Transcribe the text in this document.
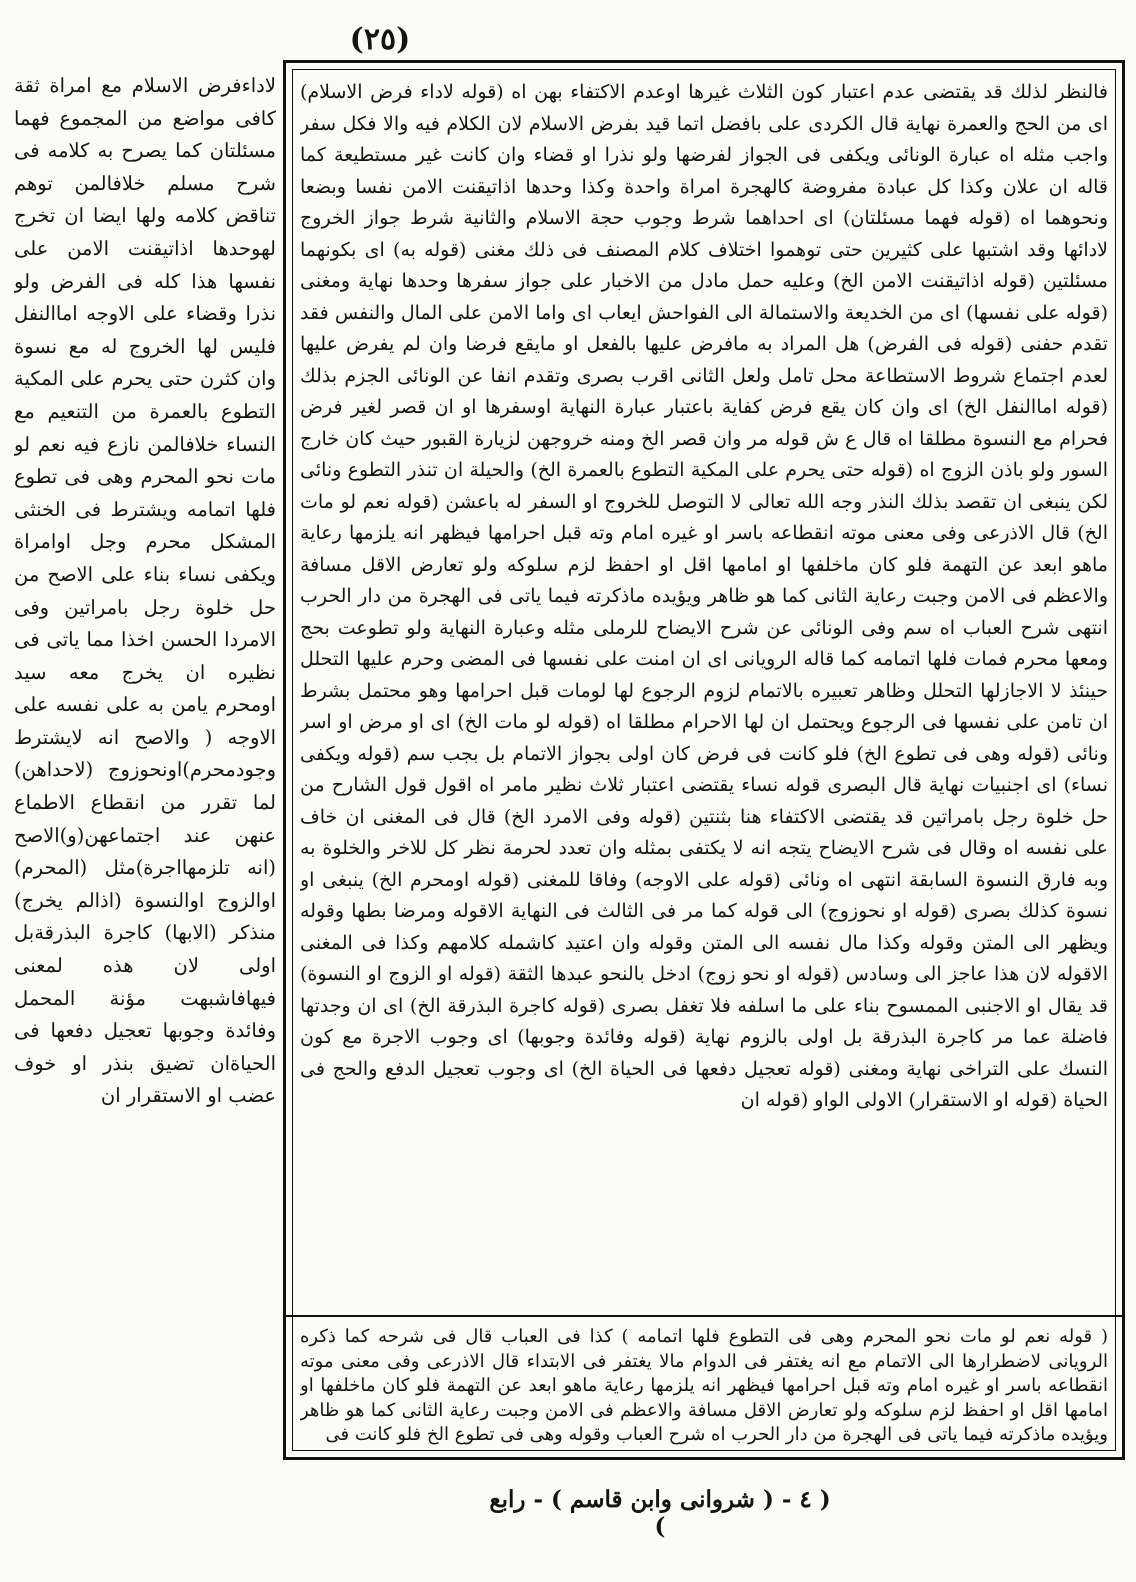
(٢٥)

لاداءفرض الاسلام مع امراة ثقة كافى مواضع من المجموع فهما مسئلتان كما يصرح به كلامه فى شرح مسلم خلافالمن توهم تناقض كلامه ولها ايضا ان تخرج لهوحدها اذاتيقنت الامن على نفسها هذا كله فى الفرض ولو نذرا وقضاء على الاوجه اماالنفل فليس لها الخروج له مع نسوة وان كثرن حتى يحرم على المكية التطوع بالعمرة من التنعيم مع النساء خلافالمن نازع فيه نعم لو مات نحو المحرم وهى فى تطوع فلها اتمامه ويشترط فى الخنثى المشكل محرم وجل اوامراة ويكفى نساء بناء على الاصح من حل خلوة رجل بامراتين وفى الامردا الحسن اخذا مما ياتى فى نظيره ان يخرج معه سيد اومحرم يامن به على نفسه على الاوجه ( والاصح انه لايشترط وجودمحرم)اونحوزوج (لاحداهن) لما تقرر من انقطاع الاطماع عنهن عند اجتماعهن(و)الاصح (انه تلزمهااجرة)مثل (المحرم) اوالزوج اوالنسوة (اذالم يخرج) منذكر (الابها) كاجرة البذرقةبل اولى لان هذه لمعنى فيهافاشبهت مؤنة المحمل وفائدة وجوبها تعجيل دفعها فى الحياةان تضيق بنذر او خوف عضب او الاستقرار ان

فالنظر لذلك قد يقتضى عدم اعتبار كون الثلاث غيرها اوعدم الاكتفاء بهن اه (قوله لاداء فرض الاسلام) اى من الحج والعمرة نهاية قال الكردى على بافضل اتما قيد بفرض الاسلام لان الكلام فيه والا فكل سفر واجب مثله اه عبارة الونائى ويكفى فى الجواز لفرضها ولو نذرا او قضاء وان كانت غير مستطيعة كما قاله ان علان وكذا كل عبادة مفروضة كالهجرة امراة واحدة وكذا وحدها اذاتيقنت الامن نفسا وبضعا ونحوهما اه (قوله فهما مسئلتان) اى احداهما شرط وجوب حجة الاسلام والثانية شرط جواز الخروج لادائها وقد اشتبها على كثيرين حتى توهموا اختلاف كلام المصنف فى ذلك مغنى (قوله به) اى بكونهما مسئلتين (قوله اذاتيقنت الامن الخ) وعليه حمل مادل من الاخبار على جواز سفرها وحدها نهاية ومغنى (قوله على نفسها) اى من الخديعة والاستمالة الى الفواحش ايعاب اى واما الامن على المال والنفس فقد تقدم حفنى (قوله فى الفرض) هل المراد به مافرض عليها بالفعل او مايقع فرضا وان لم يفرض عليها لعدم اجتماع شروط الاستطاعة محل تامل ولعل الثانى اقرب بصرى وتقدم انفا عن الونائى الجزم بذلك (قوله اماالنفل الخ) اى وان كان يقع فرض كفاية باعتبار عبارة النهاية اوسفرها او ان قصر لغير فرض فحرام مع النسوة مطلقا اه قال ع ش قوله مر وان قصر الخ ومنه خروجهن لزيارة القبور حيث كان خارج السور ولو باذن الزوج اه (قوله حتى يحرم على المكية التطوع بالعمرة الخ) والحيلة ان تنذر التطوع ونائى لكن ينبغى ان تقصد بذلك النذر وجه الله تعالى لا التوصل للخروج او السفر له باعشن (قوله نعم لو مات الخ) قال الاذرعى وفى معنى موته انقطاعه باسر او غيره امام وته قبل احرامها فيظهر انه يلزمها رعاية ماهو ابعد عن التهمة فلو كان ماخلفها او امامها اقل او احفظ لزم سلوكه ولو تعارض الاقل مسافة والاعظم فى الامن وجبت رعاية الثانى كما هو ظاهر ويؤيده ماذكرته فيما ياتى فى الهجرة من دار الحرب انتهى شرح العباب اه سم وفى الونائى عن شرح الايضاح للرملى مثله وعبارة النهاية ولو تطوعت بحج ومعها محرم فمات فلها اتمامه كما قاله الرويانى اى ان امنت على نفسها فى المضى وحرم عليها التحلل حينئذ لا الاجازلها التحلل وظاهر تعبيره بالاتمام لزوم الرجوع لها لومات قبل احرامها وهو محتمل بشرط ان تامن على نفسها فى الرجوع ويحتمل ان لها الاحرام مطلقا اه (قوله لو مات الخ) اى او مرض او اسر ونائى (قوله وهى فى تطوع الخ) فلو كانت فى فرض كان اولى بجواز الاتمام بل بجب سم (قوله ويكفى نساء) اى اجنبيات نهاية قال البصرى قوله نساء يقتضى اعتبار ثلاث نظير مامر اه اقول قول الشارح من حل خلوة رجل بامراتين قد يقتضى الاكتفاء هنا بثنتين (قوله وفى الامرد الخ) قال فى المغنى ان خاف على نفسه اه وقال فى شرح الايضاح يتجه انه لا يكتفى بمثله وان تعدد لحرمة نظر كل للاخر والخلوة به وبه فارق النسوة السابقة انتهى اه ونائى (قوله على الاوجه) وفاقا للمغنى (قوله اومحرم الخ) ينبغى او نسوة كذلك بصرى (قوله او نحوزوج) الى قوله كما مر فى الثالث فى النهاية الاقوله ومرضا بطها وقوله ويظهر الى المتن وقوله وكذا مال نفسه الى المتن وقوله وان اعتيد كاشمله كلامهم وكذا فى المغنى الاقوله لان هذا عاجز الى وسادس (قوله او نحو زوج) ادخل بالنحو عبدها الثقة (قوله او الزوج او النسوة) قد يقال او الاجنبى الممسوح بناء على ما اسلفه فلا تغفل بصرى (قوله كاجرة البذرقة الخ) اى ان وجدتها فاضلة عما مر كاجرة البذرقة بل اولى بالزوم نهاية (قوله وفائدة وجوبها) اى وجوب الاجرة مع كون النسك على التراخى نهاية ومغنى (قوله تعجيل دفعها فى الحياة الخ) اى وجوب تعجيل الدفع والحج فى الحياة (قوله او الاستقرار) الاولى الواو (قوله ان

( قوله نعم لو مات نحو المحرم وهى فى التطوع فلها اتمامه ) كذا فى العباب قال فى شرحه كما ذكره الرويانى لاضطرارها الى الاتمام مع انه يغتفر فى الدوام مالا يغتفر فى الابتداء قال الاذرعى وفى معنى موته انقطاعه باسر او غيره امام وته قبل احرامها فيظهر انه يلزمها رعاية ماهو ابعد عن التهمة فلو كان ماخلفها او امامها اقل او احفظ لزم سلوكه ولو تعارض الاقل مسافة والاعظم فى الامن وجبت رعاية الثانى كما هو ظاهر ويؤيده ماذكرته فيما ياتى فى الهجرة من دار الحرب اه شرح العباب وقوله وهى فى تطوع الخ فلو كانت فى

( ٤ - ( شروانى وابن قاسم ) - رابع )
